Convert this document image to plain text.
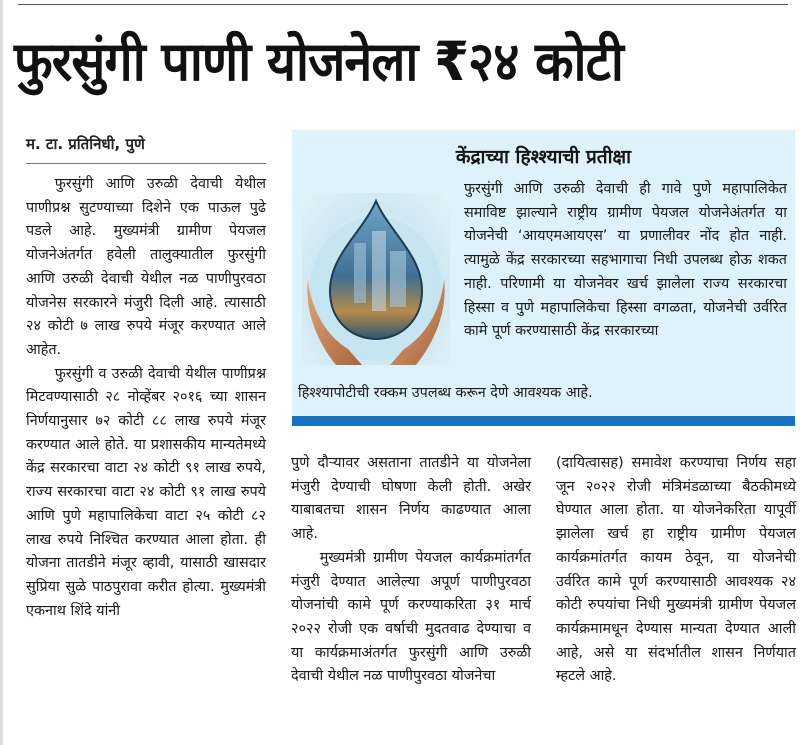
फुरसुंगी पाणी योजनेला ₹२४ कोटी
म. टा. प्रतिनिधी, पुणे

फुरसुंगी आणि उरुळी देवाची येथील पाणीप्रश्न सुटण्याच्या दिशेने एक पाऊल पुढे पडले आहे. मुख्यमंत्री ग्रामीण पेयजल योजनेअंतर्गत हवेली तालुक्यातील फुरसुंगी आणि उरुळी देवाची येथील नळ पाणीपुरवठा योजनेस सरकारने मंजुरी दिली आहे. त्यासाठी २४ कोटी ७ लाख रुपये मंजूर करण्यात आले आहेत.

फुरसुंगी व उरुळी देवाची येथील पाणीप्रश्न मिटवण्यासाठी २८ नोव्हेंबर २०१६ च्या शासन निर्णयानुसार ७२ कोटी ८८ लाख रुपये मंजूर करण्यात आले होते. या प्रशासकीय मान्यतेमध्ये केंद्र सरकारचा वाटा २४ कोटी ९१ लाख रुपये, राज्य सरकारचा वाटा २४ कोटी ९१ लाख रुपये आणि पुणे महापालिकेचा वाटा २५ कोटी ८२ लाख रुपये निश्चित करण्यात आला होता. ही योजना तातडीने मंजूर व्हावी, यासाठी खासदार सुप्रिया सुळे पाठपुरावा करीत होत्या. मुख्यमंत्री एकनाथ शिंदे यांनी

केंद्राच्या हिश्श्याची प्रतीक्षा
फुरसुंगी आणि उरुळी देवाची ही गावे पुणे महापालिकेत समाविष्ट झाल्याने राष्ट्रीय ग्रामीण पेयजल योजनेअंतर्गत या योजनेची ‘आयएमआयएस’ या प्रणालीवर नोंद होत नाही. त्यामुळे केंद्र सरकारच्या सहभागाचा निधी उपलब्ध होऊ शकत नाही. परिणामी या योजनेवर खर्च झालेला राज्य सरकारचा हिस्सा व पुणे महापालिकेचा हिस्सा वगळता, योजनेची उर्वरित कामे पूर्ण करण्यासाठी केंद्र सरकारच्या
हिश्श्यापोटीची रक्कम उपलब्ध करून देणे आवश्यक आहे.

पुणे दौऱ्यावर असताना तातडीने या योजनेला मंजुरी देण्याची घोषणा केली होती. अखेर याबाबतचा शासन निर्णय काढण्यात आला आहे.

मुख्यमंत्री ग्रामीण पेयजल कार्यक्रमांतर्गत मंजुरी देण्यात आलेल्या अपूर्ण पाणीपुरवठा योजनांची कामे पूर्ण करण्याकरिता ३१ मार्च २०२२ रोजी एक वर्षाची मुदतवाढ देण्याचा व या कार्यक्रमाअंतर्गत फुरसुंगी आणि उरुळी देवाची येथील नळ पाणीपुरवठा योजनेचा

(दायित्वासह) समावेश करण्याचा निर्णय सहा जून २०२२ रोजी मंत्रिमंडळाच्या बैठकीमध्ये घेण्यात आला होता. या योजनेकरिता यापूर्वी झालेला खर्च हा राष्ट्रीय ग्रामीण पेयजल कार्यक्रमांतर्गत कायम ठेवून, या योजनेची उर्वरित कामे पूर्ण करण्यासाठी आवश्यक २४ कोटी रुपयांचा निधी मुख्यमंत्री ग्रामीण पेयजल कार्यक्रमामधून देण्यास मान्यता देण्यात आली आहे, असे या संदर्भातील शासन निर्णयात म्हटले आहे.
